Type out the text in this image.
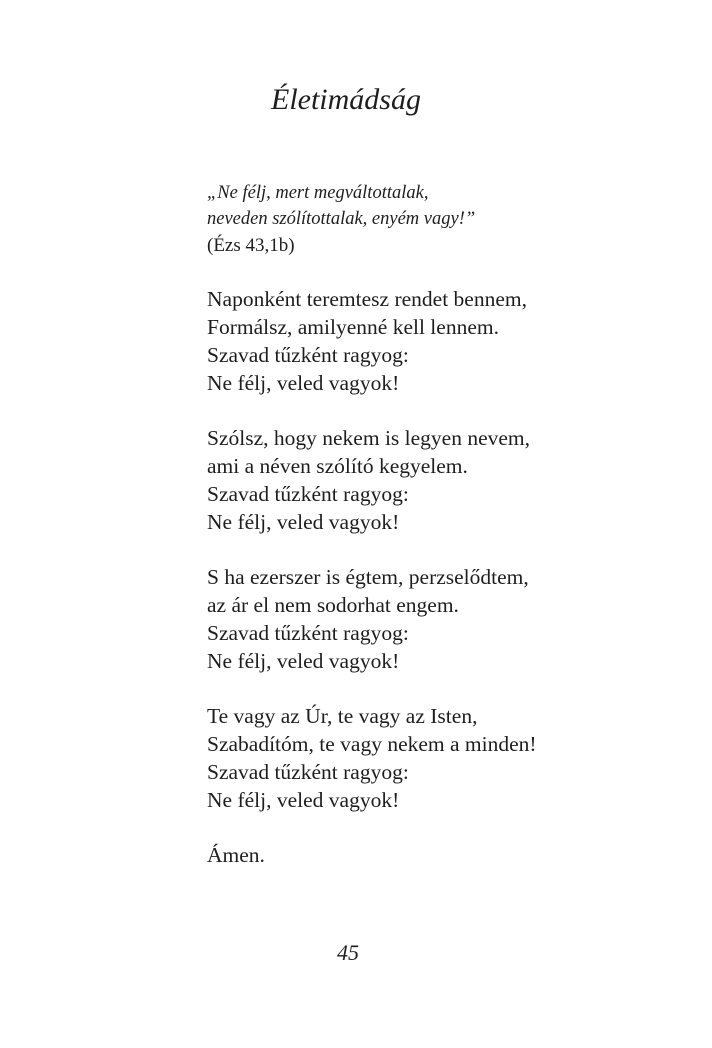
Életimádság
„Ne félj, mert megváltottalak,
neveden szólítottalak, enyém vagy!”
(Ézs 43,1b)
Naponként teremtesz rendet bennem,
Formálsz, amilyenné kell lennem.
Szavad tűzként ragyog:
Ne félj, veled vagyok!
Szólsz, hogy nekem is legyen nevem,
ami a néven szólító kegyelem.
Szavad tűzként ragyog:
Ne félj, veled vagyok!
S ha ezerszer is égtem, perzselődtem,
az ár el nem sodorhat engem.
Szavad tűzként ragyog:
Ne félj, veled vagyok!
Te vagy az Úr, te vagy az Isten,
Szabadítóm, te vagy nekem a minden!
Szavad tűzként ragyog:
Ne félj, veled vagyok!
Ámen.
45
